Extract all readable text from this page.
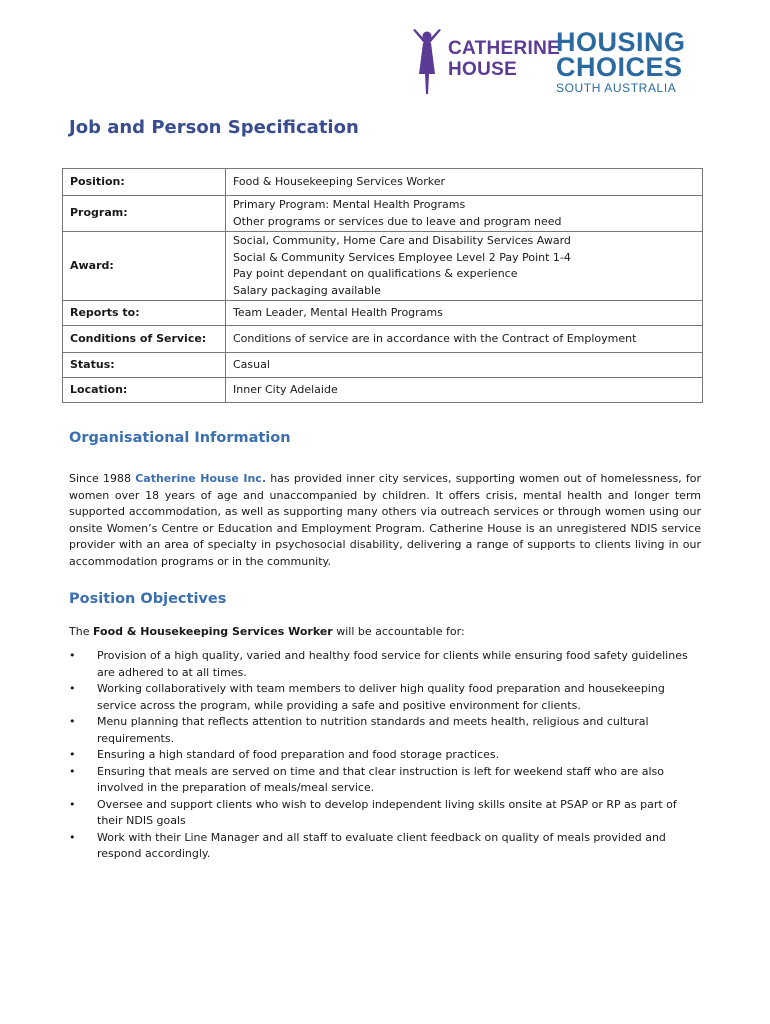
CATHERINE
HOUSE
HOUSING
CHOICES
SOUTH AUSTRALIA
Job and Person Specification
Position:	Food & Housekeeping Services Worker

Program:	Primary Program: Mental Health Programs
Other programs or services due to leave and program need

Award:	Social, Community, Home Care and Disability Services Award
Social & Community Services Employee Level 2 Pay Point 1-4
Pay point dependant on qualifications & experience
Salary packaging available

Reports to:	Team Leader, Mental Health Programs

Conditions of Service:	Conditions of service are in accordance with the Contract of Employment

Status:	Casual

Location:	Inner City Adelaide
Organisational Information
Since 1988 Catherine House Inc. has provided inner city services, supporting women out of homelessness, for women over 18 years of age and unaccompanied by children. It offers crisis, mental health and longer term supported accommodation, as well as supporting many others via outreach services or through women using our onsite Women’s Centre or Education and Employment Program. Catherine House is an unregistered NDIS service provider with an area of specialty in psychosocial disability, delivering a range of supports to clients living in our accommodation programs or in the community.
Position Objectives
The Food & Housekeeping Services Worker will be accountable for:
• Provision of a high quality, varied and healthy food service for clients while ensuring food safety guidelines are adhered to at all times.
• Working collaboratively with team members to deliver high quality food preparation and housekeeping service across the program, while providing a safe and positive environment for clients.
• Menu planning that reflects attention to nutrition standards and meets health, religious and cultural requirements.
• Ensuring a high standard of food preparation and food storage practices.
• Ensuring that meals are served on time and that clear instruction is left for weekend staff who are also involved in the preparation of meals/meal service.
• Oversee and support clients who wish to develop independent living skills onsite at PSAP or RP as part of their NDIS goals
• Work with their Line Manager and all staff to evaluate client feedback on quality of meals provided and respond accordingly.
